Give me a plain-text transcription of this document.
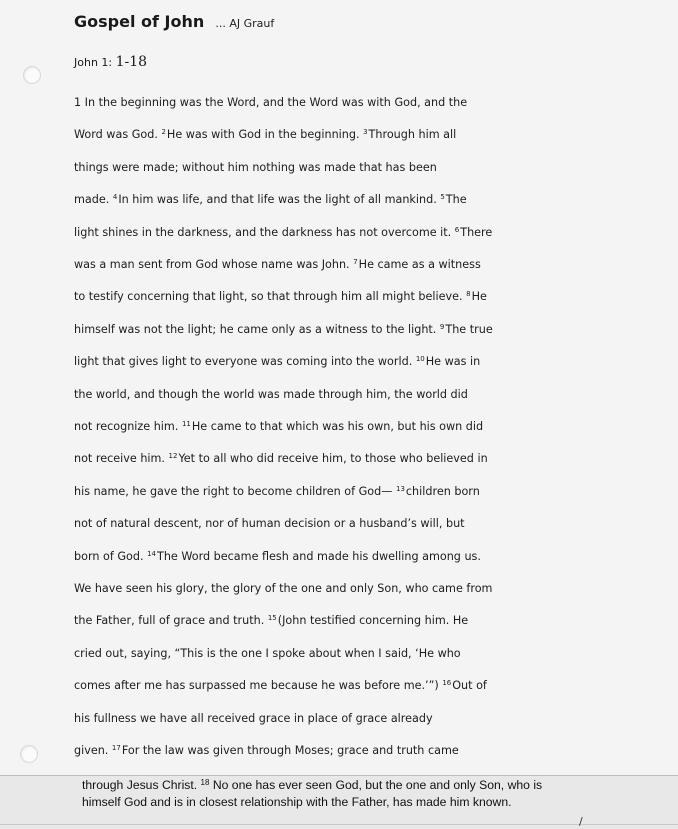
Gospel of John ... AJ Grauf
John 1: 1-18
1 In the beginning was the Word, and the Word was with God, and the
Word was God. $^2$He was with God in the beginning. $^3$Through him all
things were made; without him nothing was made that has been
made. $^4$In him was life, and that life was the light of all mankind. $^5$The
light shines in the darkness, and the darkness has not overcome it. $^6$There
was a man sent from God whose name was John. $^7$He came as a witness
to testify concerning that light, so that through him all might believe. $^8$He
himself was not the light; he came only as a witness to the light. $^9$The true
light that gives light to everyone was coming into the world. $^{10}$He was in
the world, and though the world was made through him, the world did
not recognize him. $^{11}$He came to that which was his own, but his own did
not receive him. $^{12}$Yet to all who did receive him, to those who believed in
his name, he gave the right to become children of God— $^{13}$children born
not of natural descent, nor of human decision or a husband’s will, but
born of God. $^{14}$The Word became flesh and made his dwelling among us.
We have seen his glory, the glory of the one and only Son, who came from
the Father, full of grace and truth. $^{15}$(John testified concerning him. He
cried out, saying, “This is the one I spoke about when I said, ‘He who
comes after me has surpassed me because he was before me.’”) $^{16}$Out of
his fullness we have all received grace in place of grace already
given. $^{17}$For the law was given through Moses; grace and truth came
through Jesus Christ. $^{18}$ No one has ever seen God, but the one and only Son, who is
himself God and is in closest relationship with the Father, has made him known.
/
